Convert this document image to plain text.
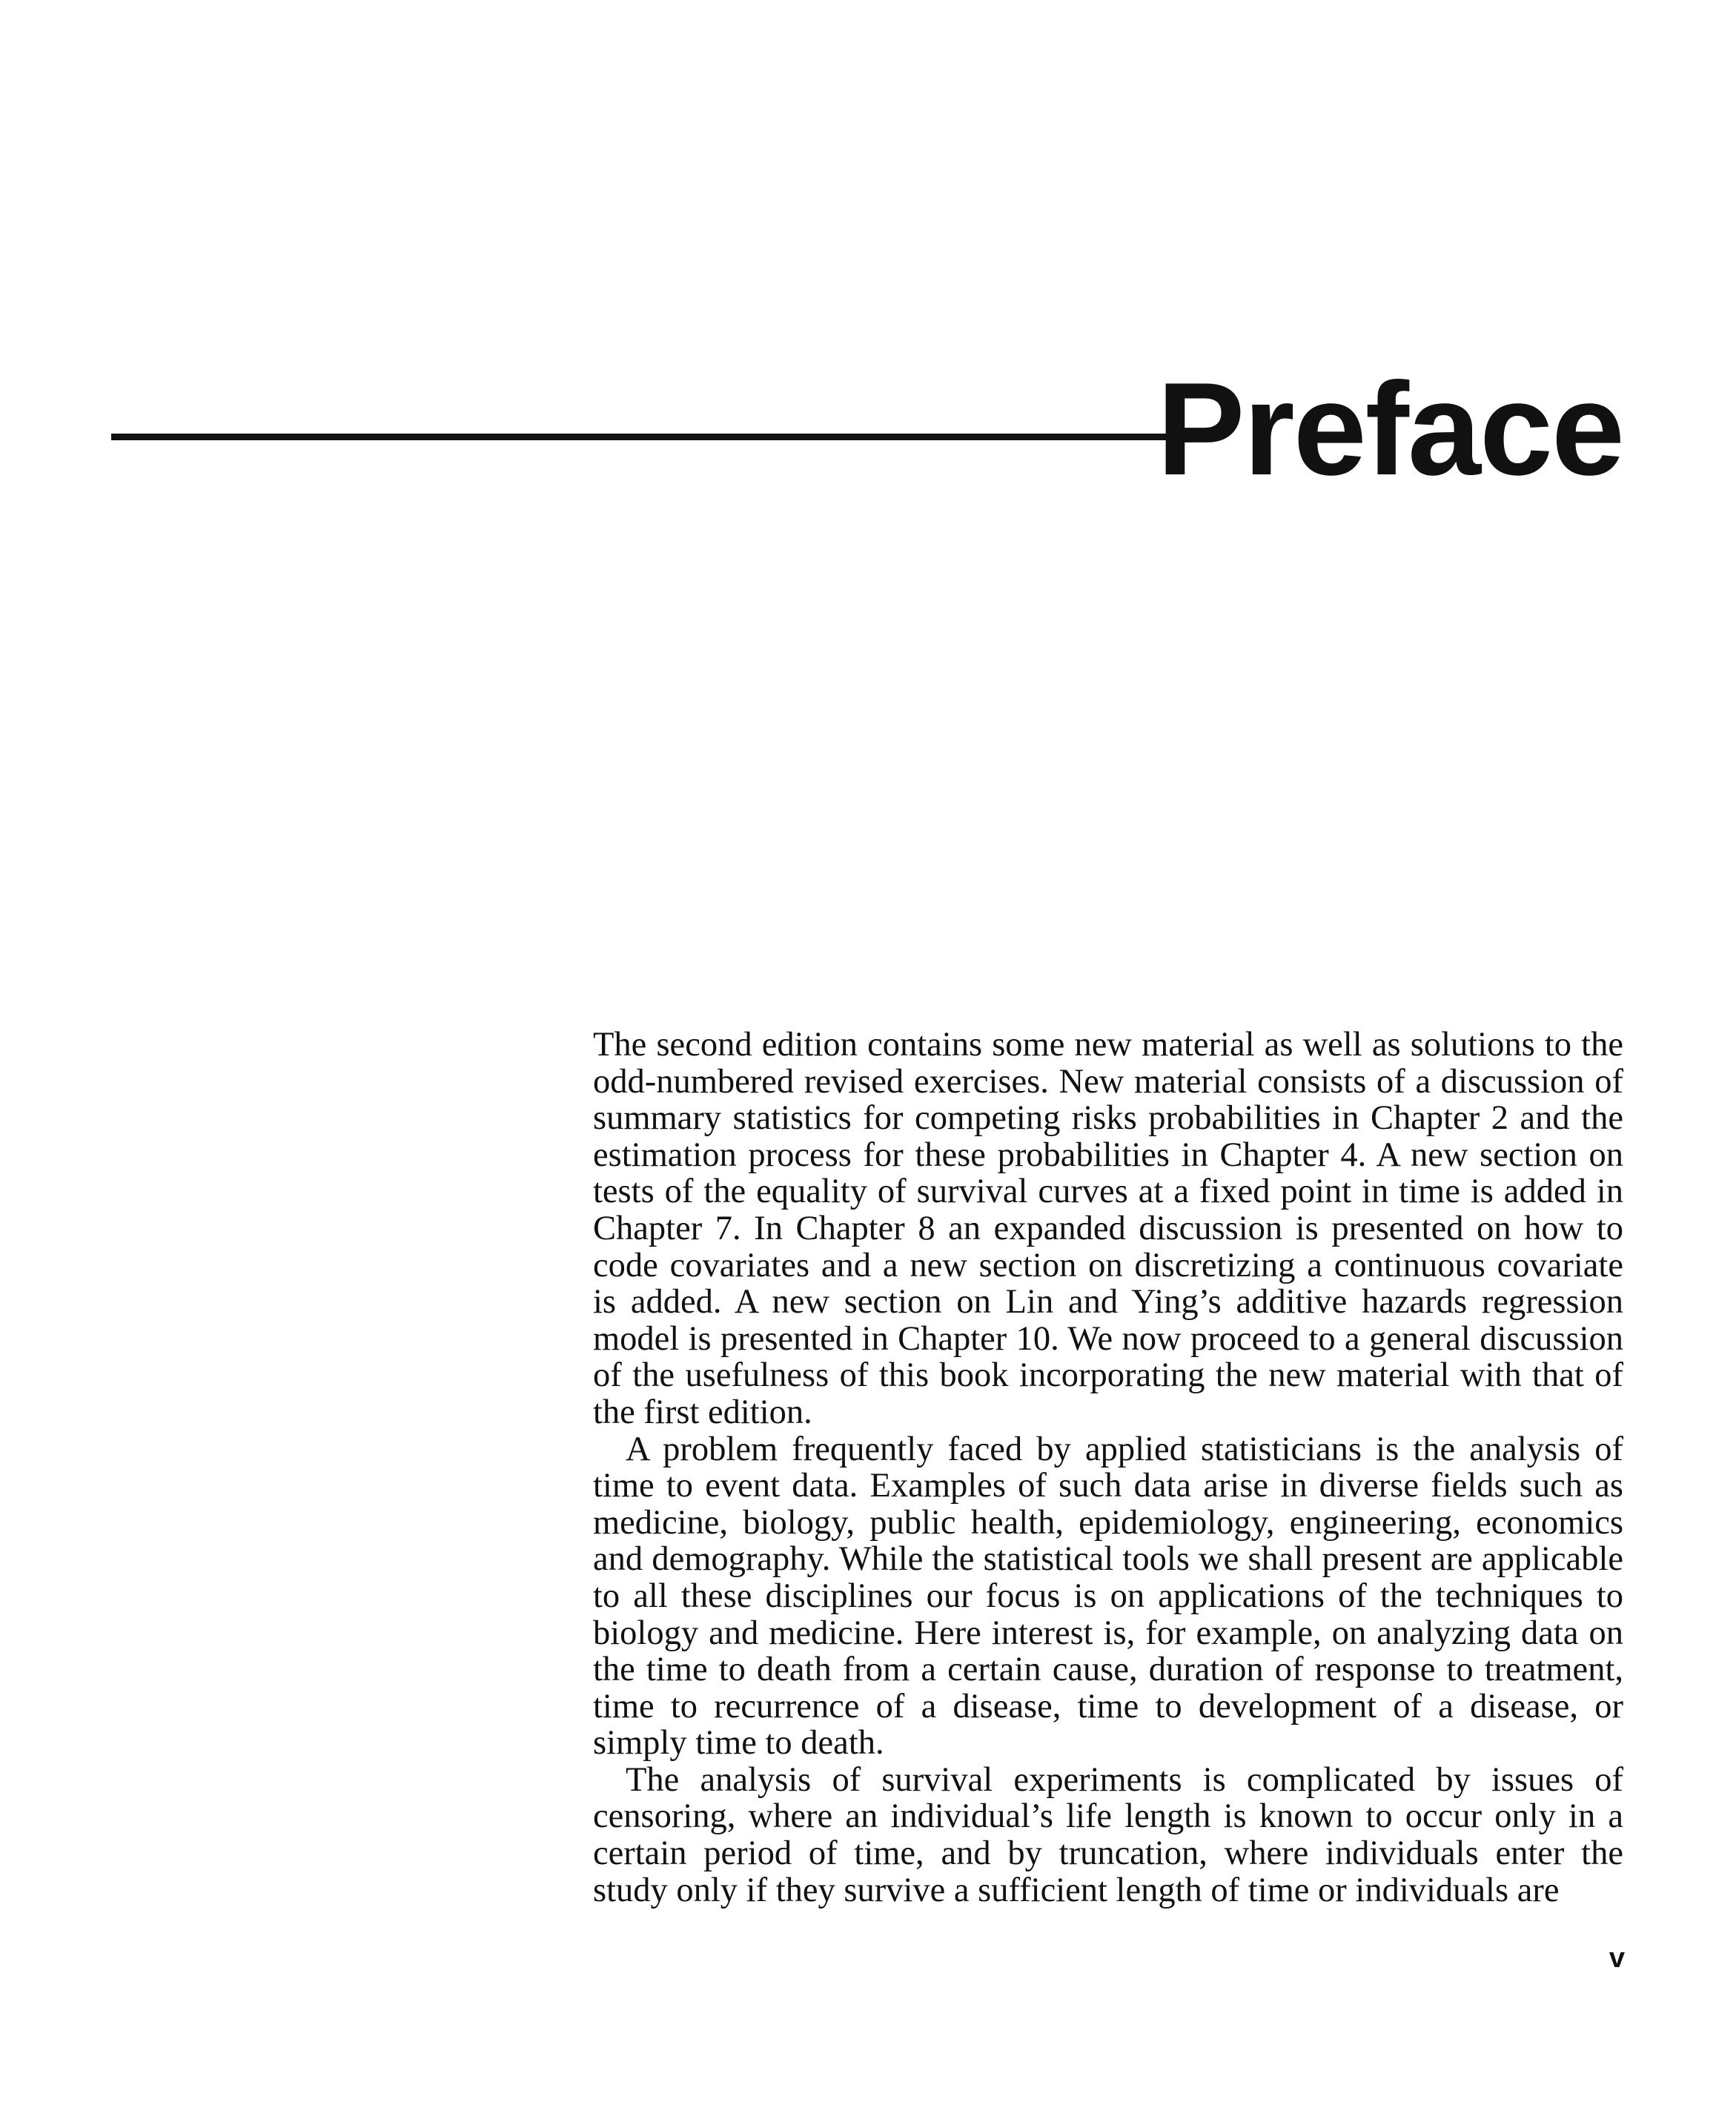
Preface

The second edition contains some new material as well as solutions to the odd-numbered revised exercises. New material consists of a discussion of summary statistics for competing risks probabilities in Chapter 2 and the estimation process for these probabilities in Chapter 4. A new section on tests of the equality of survival curves at a fixed point in time is added in Chapter 7. In Chapter 8 an expanded discussion is presented on how to code covariates and a new section on discretizing a continuous covariate is added. A new section on Lin and Ying’s additive hazards regression model is presented in Chapter 10. We now proceed to a general discussion of the usefulness of this book incorporating the new material with that of the first edition.

A problem frequently faced by applied statisticians is the analysis of time to event data. Examples of such data arise in diverse fields such as medicine, biology, public health, epidemiology, engineering, economics and demography. While the statistical tools we shall present are applicable to all these disciplines our focus is on applications of the techniques to biology and medicine. Here interest is, for example, on analyzing data on the time to death from a certain cause, duration of response to treatment, time to recurrence of a disease, time to development of a disease, or simply time to death.

The analysis of survival experiments is complicated by issues of censoring, where an individual’s life length is known to occur only in a certain period of time, and by truncation, where individuals enter the study only if they survive a sufficient length of time or individuals are

v
